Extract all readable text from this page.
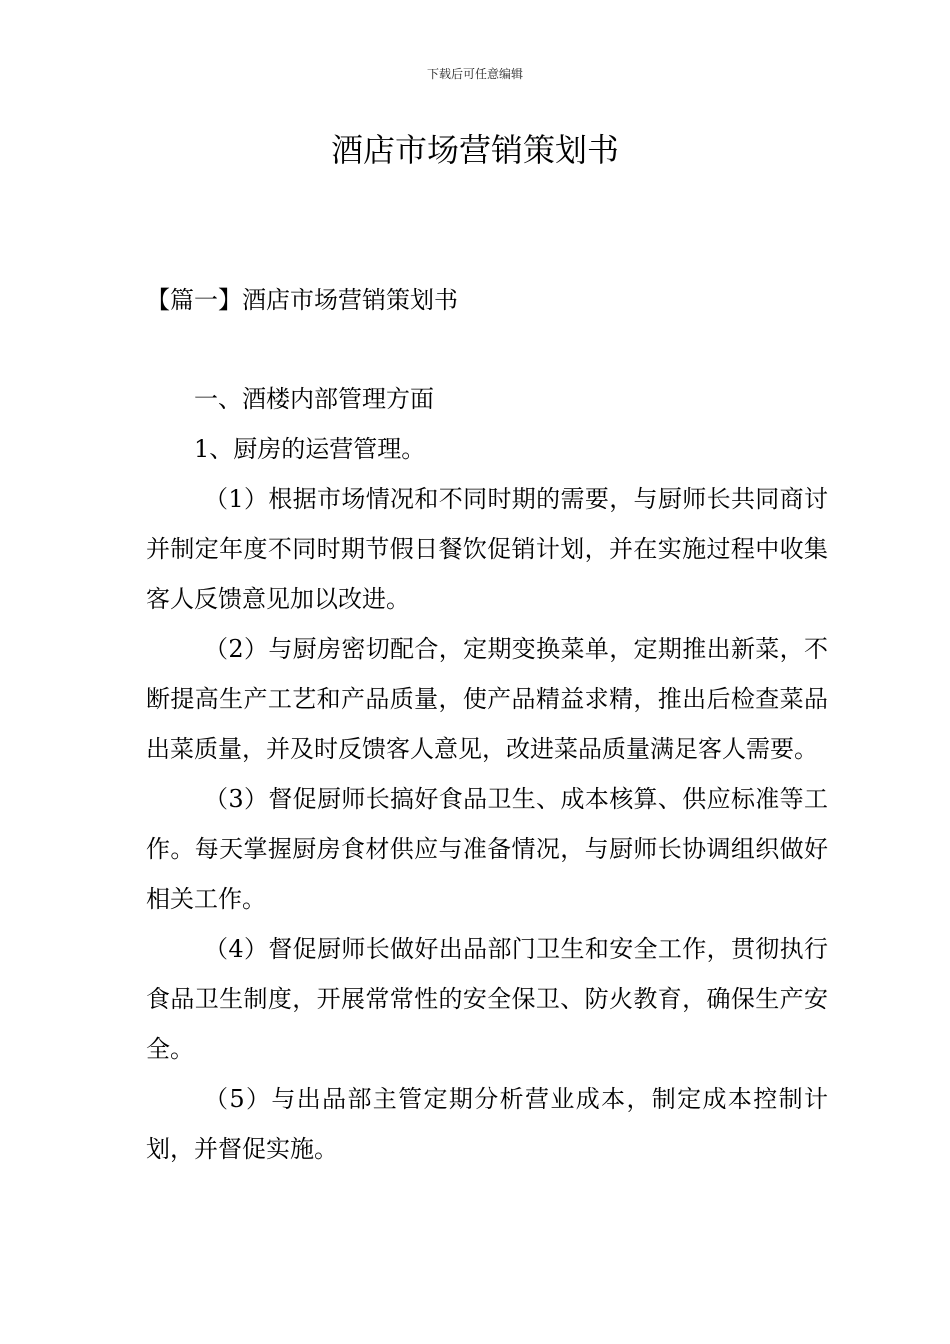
下载后可任意编辑
酒店市场营销策划书
【篇一】酒店市场营销策划书

一、酒楼内部管理方面

1、厨房的运营管理。

（1）根据市场情况和不同时期的需要，与厨师长共同商讨并制定年度不同时期节假日餐饮促销计划，并在实施过程中收集客人反馈意见加以改进。

（2）与厨房密切配合，定期变换菜单，定期推出新菜，不断提高生产工艺和产品质量，使产品精益求精，推出后检查菜品出菜质量，并及时反馈客人意见，改进菜品质量满足客人需要。

（3）督促厨师长搞好食品卫生、成本核算、供应标准等工作。每天掌握厨房食材供应与准备情况，与厨师长协调组织做好相关工作。

（4）督促厨师长做好出品部门卫生和安全工作，贯彻执行食品卫生制度，开展常常性的安全保卫、防火教育，确保生产安全。

（5）与出品部主管定期分析营业成本，制定成本控制计划，并督促实施。
